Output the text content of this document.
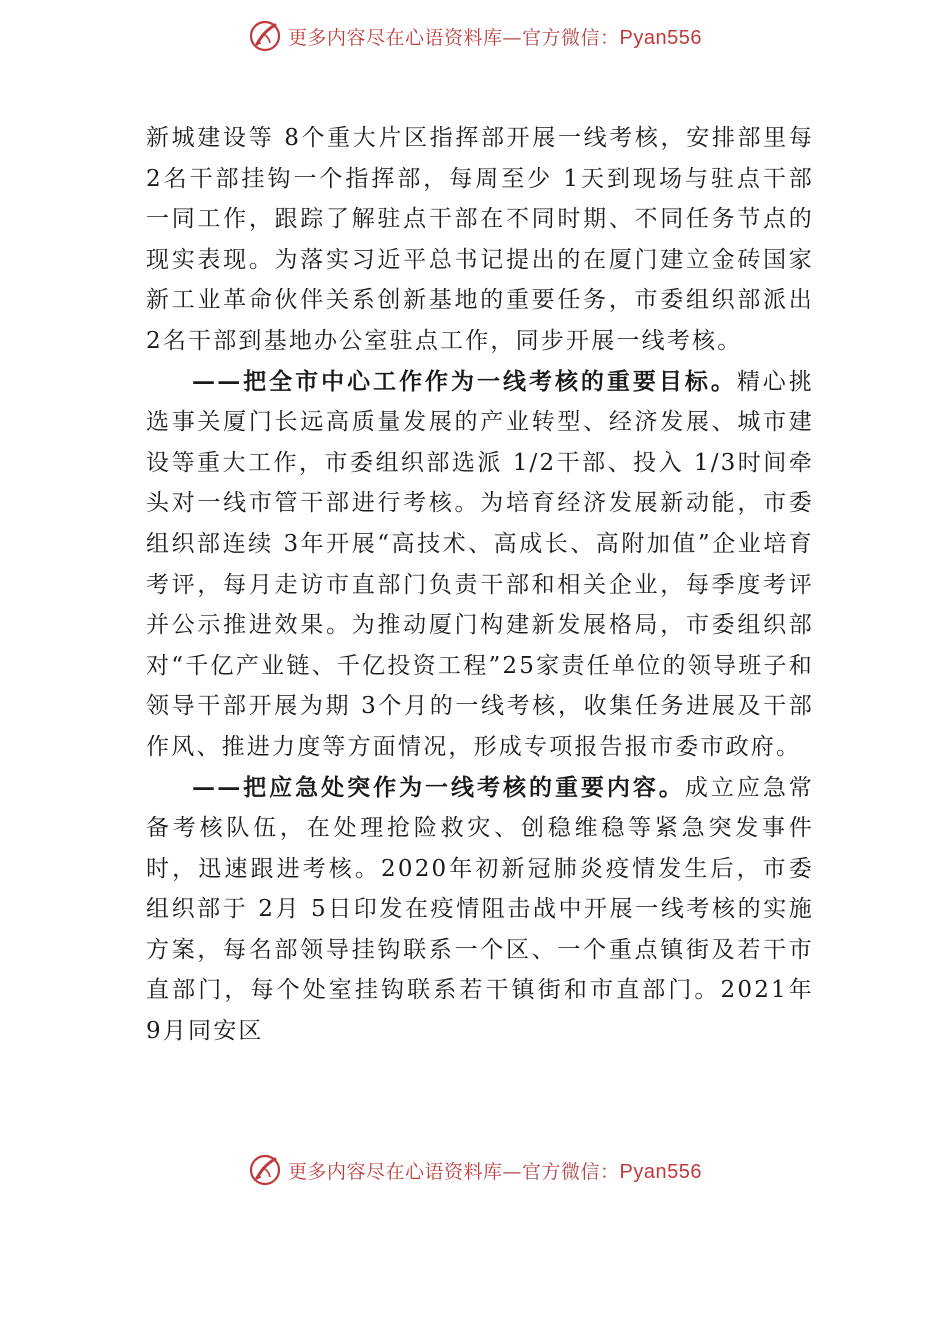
更多内容尽在心语资料库—官方微信：Pyan556

新城建设等 8个重大片区指挥部开展一线考核，安排部里每 2名干部挂钩一个指挥部，每周至少 1天到现场与驻点干部一同工作，跟踪了解驻点干部在不同时期、不同任务节点的现实表现。为落实习近平总书记提出的在厦门建立金砖国家新工业革命伙伴关系创新基地的重要任务，市委组织部派出 2名干部到基地办公室驻点工作，同步开展一线考核。

——把全市中心工作作为一线考核的重要目标。精心挑选事关厦门长远高质量发展的产业转型、经济发展、城市建设等重大工作，市委组织部选派 1/2干部、投入 1/3时间牵头对一线市管干部进行考核。为培育经济发展新动能，市委组织部连续 3年开展“高技术、高成长、高附加值”企业培育考评，每月走访市直部门负责干部和相关企业，每季度考评并公示推进效果。为推动厦门构建新发展格局，市委组织部对“千亿产业链、千亿投资工程”25家责任单位的领导班子和领导干部开展为期 3个月的一线考核，收集任务进展及干部作风、推进力度等方面情况，形成专项报告报市委市政府。

——把应急处突作为一线考核的重要内容。成立应急常备考核队伍，在处理抢险救灾、创稳维稳等紧急突发事件时，迅速跟进考核。2020年初新冠肺炎疫情发生后，市委组织部于 2月 5日印发在疫情阻击战中开展一线考核的实施方案，每名部领导挂钩联系一个区、一个重点镇街及若干市直部门，每个处室挂钩联系若干镇街和市直部门。2021年 9月同安区

更多内容尽在心语资料库—官方微信：Pyan556
